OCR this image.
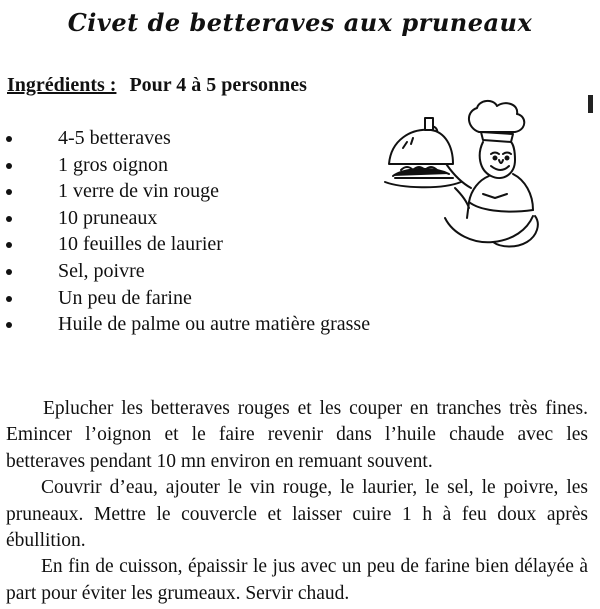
Civet de betteraves aux pruneaux
Ingrédients : Pour 4 à 5 personnes
4-5 betteraves
1 gros oignon
1 verre de vin rouge
10 pruneaux
10 feuilles de laurier
Sel, poivre
Un peu de farine
Huile de palme ou autre matière grasse

Eplucher les betteraves rouges et les couper en tranches très fines. Emincer l’oignon et le faire revenir dans l’huile chaude avec les betteraves pendant 10 mn environ en remuant souvent.

Couvrir d’eau, ajouter le vin rouge, le laurier, le sel, le poivre, les pruneaux. Mettre le couvercle et laisser cuire 1 h à feu doux après ébullition.

En fin de cuisson, épaissir le jus avec un peu de farine bien délayée à part pour éviter les grumeaux. Servir chaud.
